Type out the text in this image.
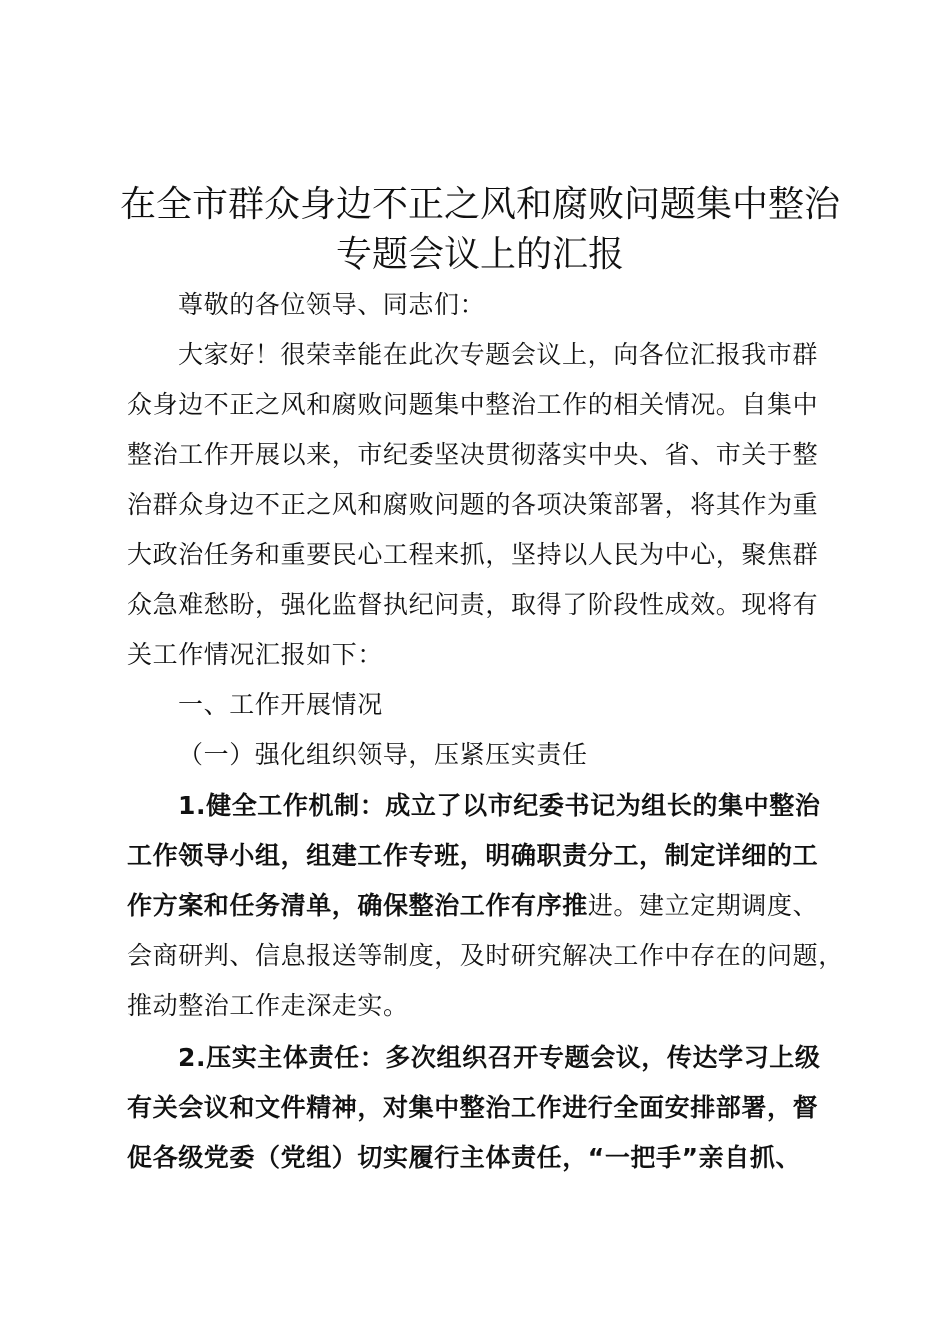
在全市群众身边不正之风和腐败问题集中整治
专题会议上的汇报
尊敬的各位领导、同志们：
大家好！很荣幸能在此次专题会议上，向各位汇报我市群
众身边不正之风和腐败问题集中整治工作的相关情况。自集中
整治工作开展以来，市纪委坚决贯彻落实中央、省、市关于整
治群众身边不正之风和腐败问题的各项决策部署，将其作为重
大政治任务和重要民心工程来抓，坚持以人民为中心，聚焦群
众急难愁盼，强化监督执纪问责，取得了阶段性成效。现将有
关工作情况汇报如下：
一、工作开展情况
（一）强化组织领导，压紧压实责任
1.健全工作机制：成立了以市纪委书记为组长的集中整治
工作领导小组，组建工作专班，明确职责分工，制定详细的工
作方案和任务清单，确保整治工作有序推进。建立定期调度、
会商研判、信息报送等制度，及时研究解决工作中存在的问题，
推动整治工作走深走实。
2.压实主体责任：多次组织召开专题会议，传达学习上级
有关会议和文件精神，对集中整治工作进行全面安排部署，督
促各级党委（党组）切实履行主体责任，“一把手”亲自抓、
